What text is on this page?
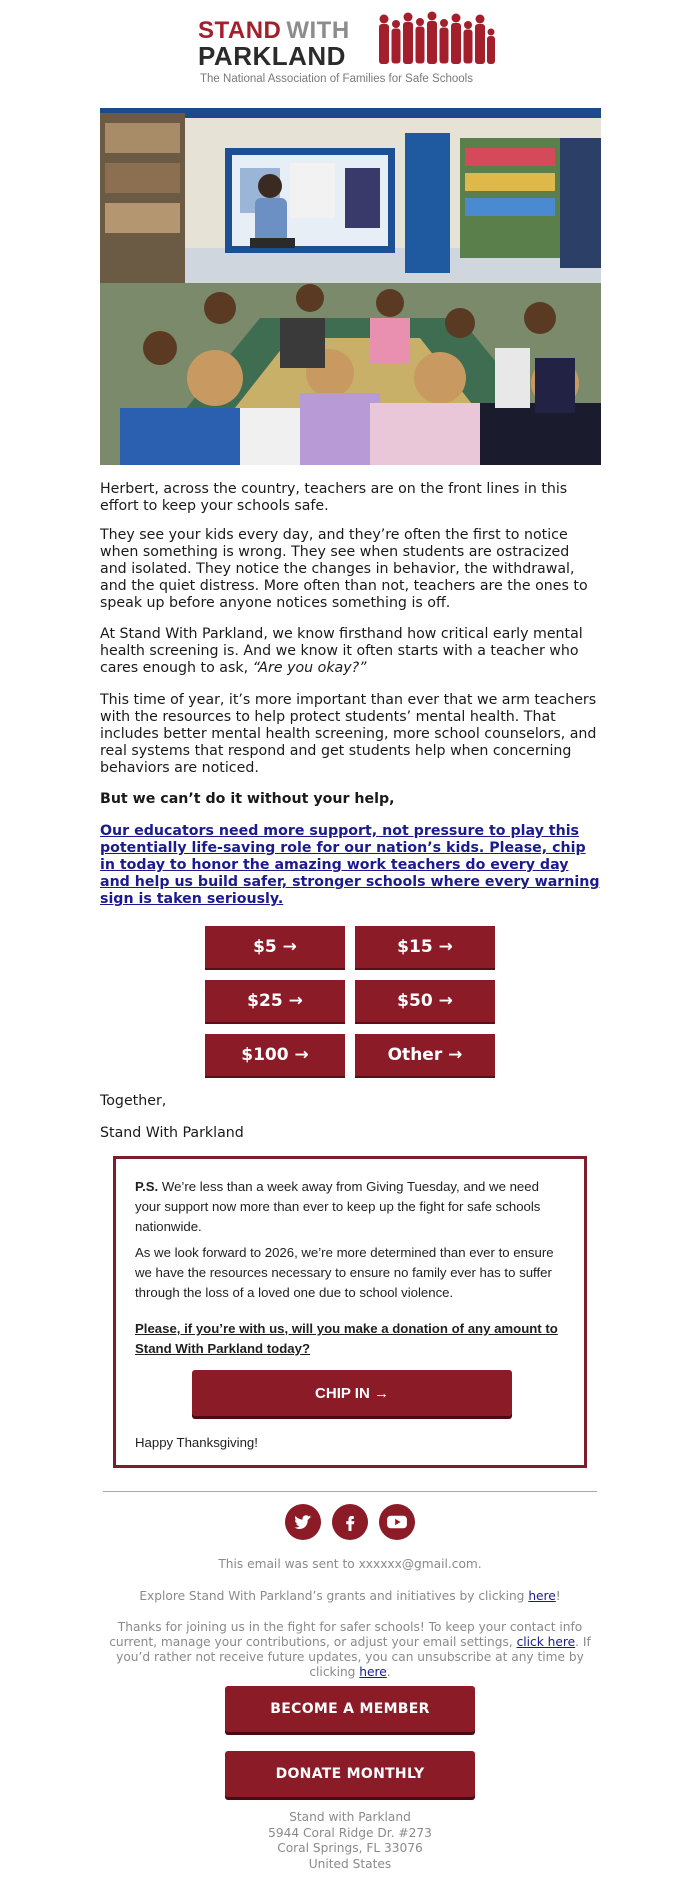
STAND WITH
PARKLAND
The National Association of Families for Safe Schools

Herbert, across the country, teachers are on the front lines in this effort to keep your schools safe.

They see your kids every day, and they’re often the first to notice when something is wrong. They see when students are ostracized and isolated. They notice the changes in behavior, the withdrawal, and the quiet distress. More often than not, teachers are the ones to speak up before anyone notices something is off.

At Stand With Parkland, we know firsthand how critical early mental health screening is. And we know it often starts with a teacher who cares enough to ask, “Are you okay?”

This time of year, it’s more important than ever that we arm teachers with the resources to help protect students’ mental health. That includes better mental health screening, more school counselors, and real systems that respond and get students help when concerning behaviors are noticed.

But we can’t do it without your help,

Our educators need more support, not pressure to play this potentially life-saving role for our nation’s kids. Please, chip in today to honor the amazing work teachers do every day and help us build safer, stronger schools where every warning sign is taken seriously.

$5 →	$15 →
$25 →	$50 →
$100 →	Other →
Together,
Stand With Parkland

P.S. We’re less than a week away from Giving Tuesday, and we need your support now more than ever to keep up the fight for safe schools nationwide.

As we look forward to 2026, we’re more determined than ever to ensure we have the resources necessary to ensure no family ever has to suffer through the loss of a loved one due to school violence.

Please, if you’re with us, will you make a donation of any amount to Stand With Parkland today?

CHIP IN →
Happy Thanksgiving!
This email was sent to xxxxxx@gmail.com.
Explore Stand With Parkland’s grants and initiatives by clicking here!
Thanks for joining us in the fight for safer schools! To keep your contact info current, manage your contributions, or adjust your email settings, click here. If you’d rather not receive future updates, you can unsubscribe at any time by clicking here.
BECOME A MEMBER
DONATE MONTHLY
Stand with Parkland
5944 Coral Ridge Dr. #273
Coral Springs, FL 33076
United States
